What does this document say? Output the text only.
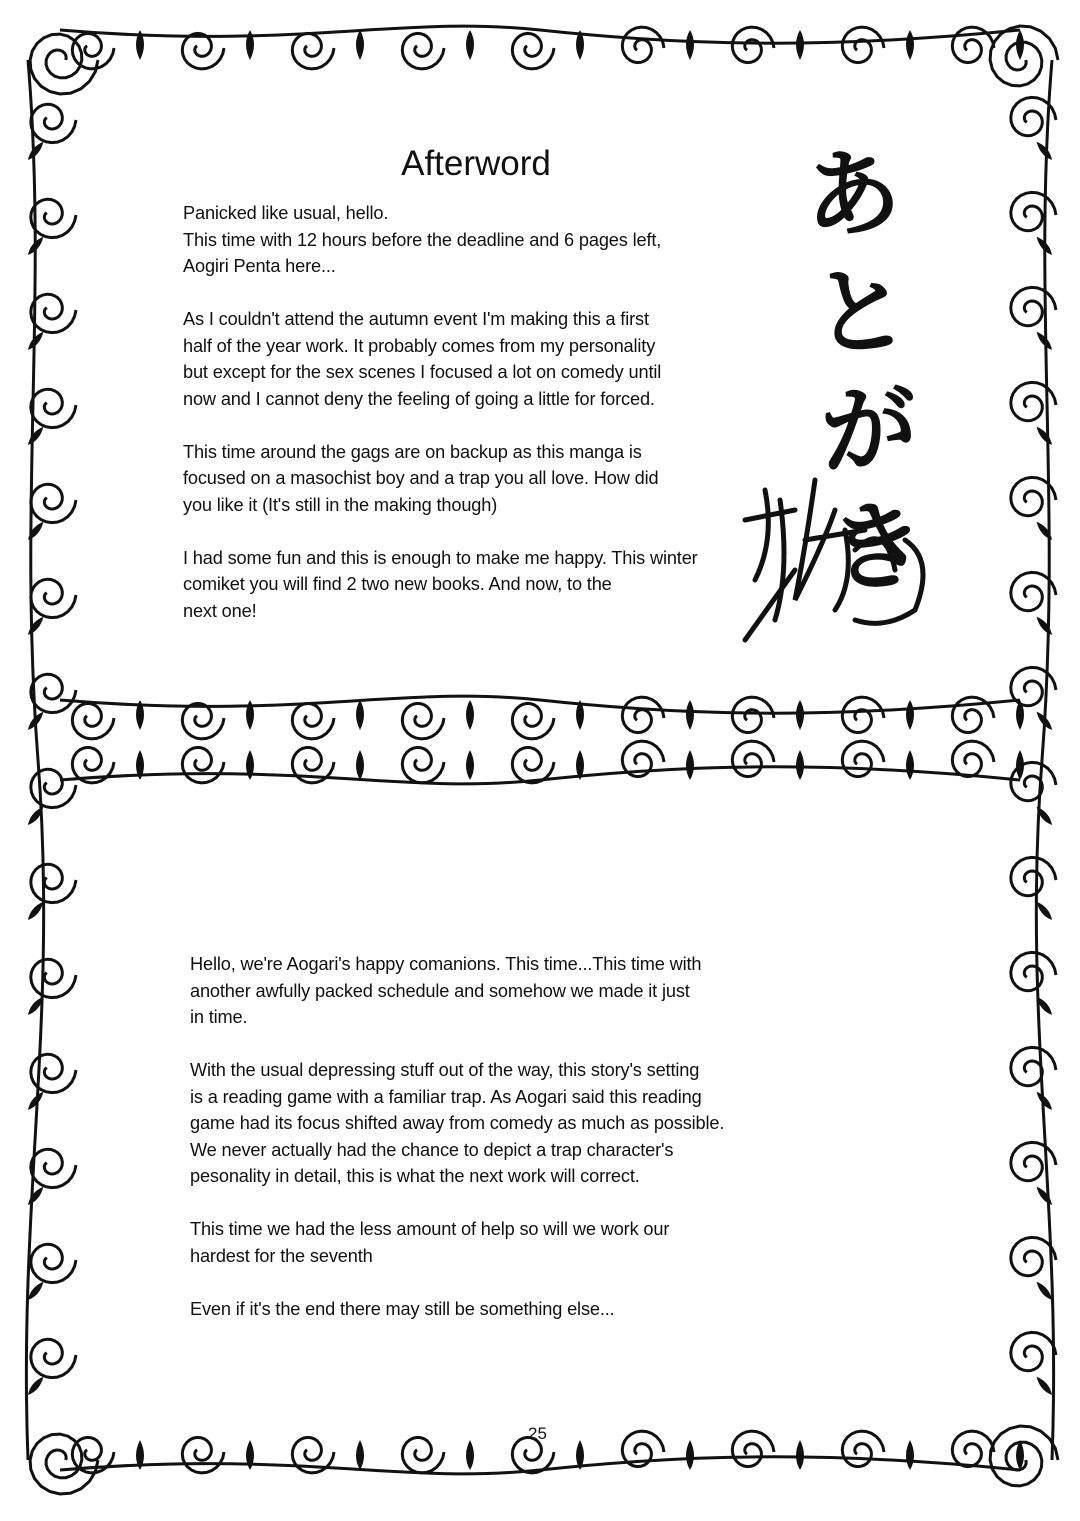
Afterword	あ
と
が
き
Panicked like usual, hello.
This time with 12 hours before the deadline and 6 pages left,
Aogiri Penta here...
As I couldn't attend the autumn event I'm making this a first
half of the year work. It probably comes from my personality
but except for the sex scenes I focused a lot on comedy until
now and I cannot deny the feeling of going a little for forced.
This time around the gags are on backup as this manga is
focused on a masochist boy and a trap you all love. How did
you like it (It's still in the making though)
I had some fun and this is enough to make me happy. This winter
comiket you will find 2 two new books. And now, to the
next one!
Hello, we're Aogari's happy comanions. This time...This time with
another awfully packed schedule and somehow we made it just
in time.
With the usual depressing stuff out of the way, this story's setting
is a reading game with a familiar trap. As Aogari said this reading
game had its focus shifted away from comedy as much as possible.
We never actually had the chance to depict a trap character's
pesonality in detail, this is what the next work will correct.
This time we had the less amount of help so will we work our
hardest for the seventh
Even if it's the end there may still be something else...
25
